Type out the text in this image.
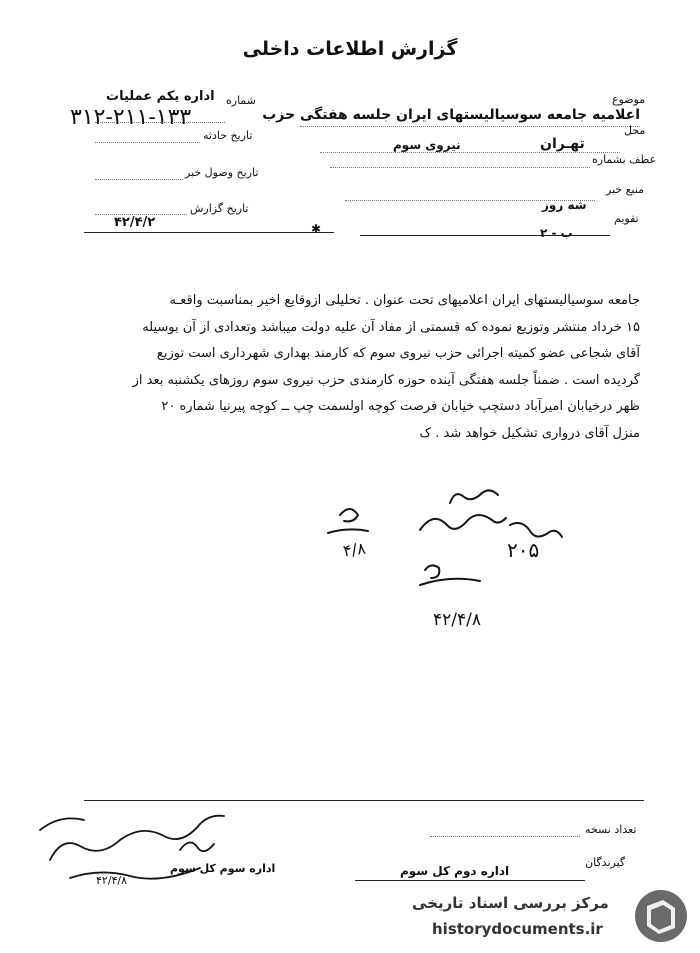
گزارش اطلاعات داخلی
شماره
اداره یکم عملیات
۳۱۲-۲۱۱-۱۳۳
تاریخ حادثه
تاریخ وصول خبر
تاریخ گزارش
۴۲/۴/۲	✱
موضوع
اعلامیه جامعه سوسیالیستهای ایران جلسه هفتگی حزب
محل
تهـران
نیروی سوم
عطف بشماره
منبع خبر
شه روز
تقویم
ب - ۲

جامعه سوسیالیستهای ایران اعلامیهای تحت عنوان . تحلیلی ازوقایع اخیر بمناسبت واقعـه

۱۵ خرداد منتشر وتوزیع نموده که قسمتی از مفاد آن علیه دولت میباشد وتعدادی از آن بوسیله

آقای شجاعی عضو کمیته اجرائی حزب نیروی سوم که کارمند بهداری شهرداری است توزیع

گردیده است . ضمناً جلسه هفتگی آینده حوزه کارمندی حزب نیروی سوم روزهای یکشنبه بعد از

ظهر درخیابان امیرآباد دستچپ خیابان فرصت کوچه اولسمت چپ ــ کوچه پیرنیا شماره ۲۰

منزل آقای درواری تشکیل خواهد شد . ک

۴/۸	۲۰۵
۴۲/۴/۸
تعداد نسخه
گیرندگان
اداره دوم کل سوم
اداره سوم کل سوم
۴۲/۴/۸
مرکز بررسی اسناد تاریخی
historydocuments.ir
